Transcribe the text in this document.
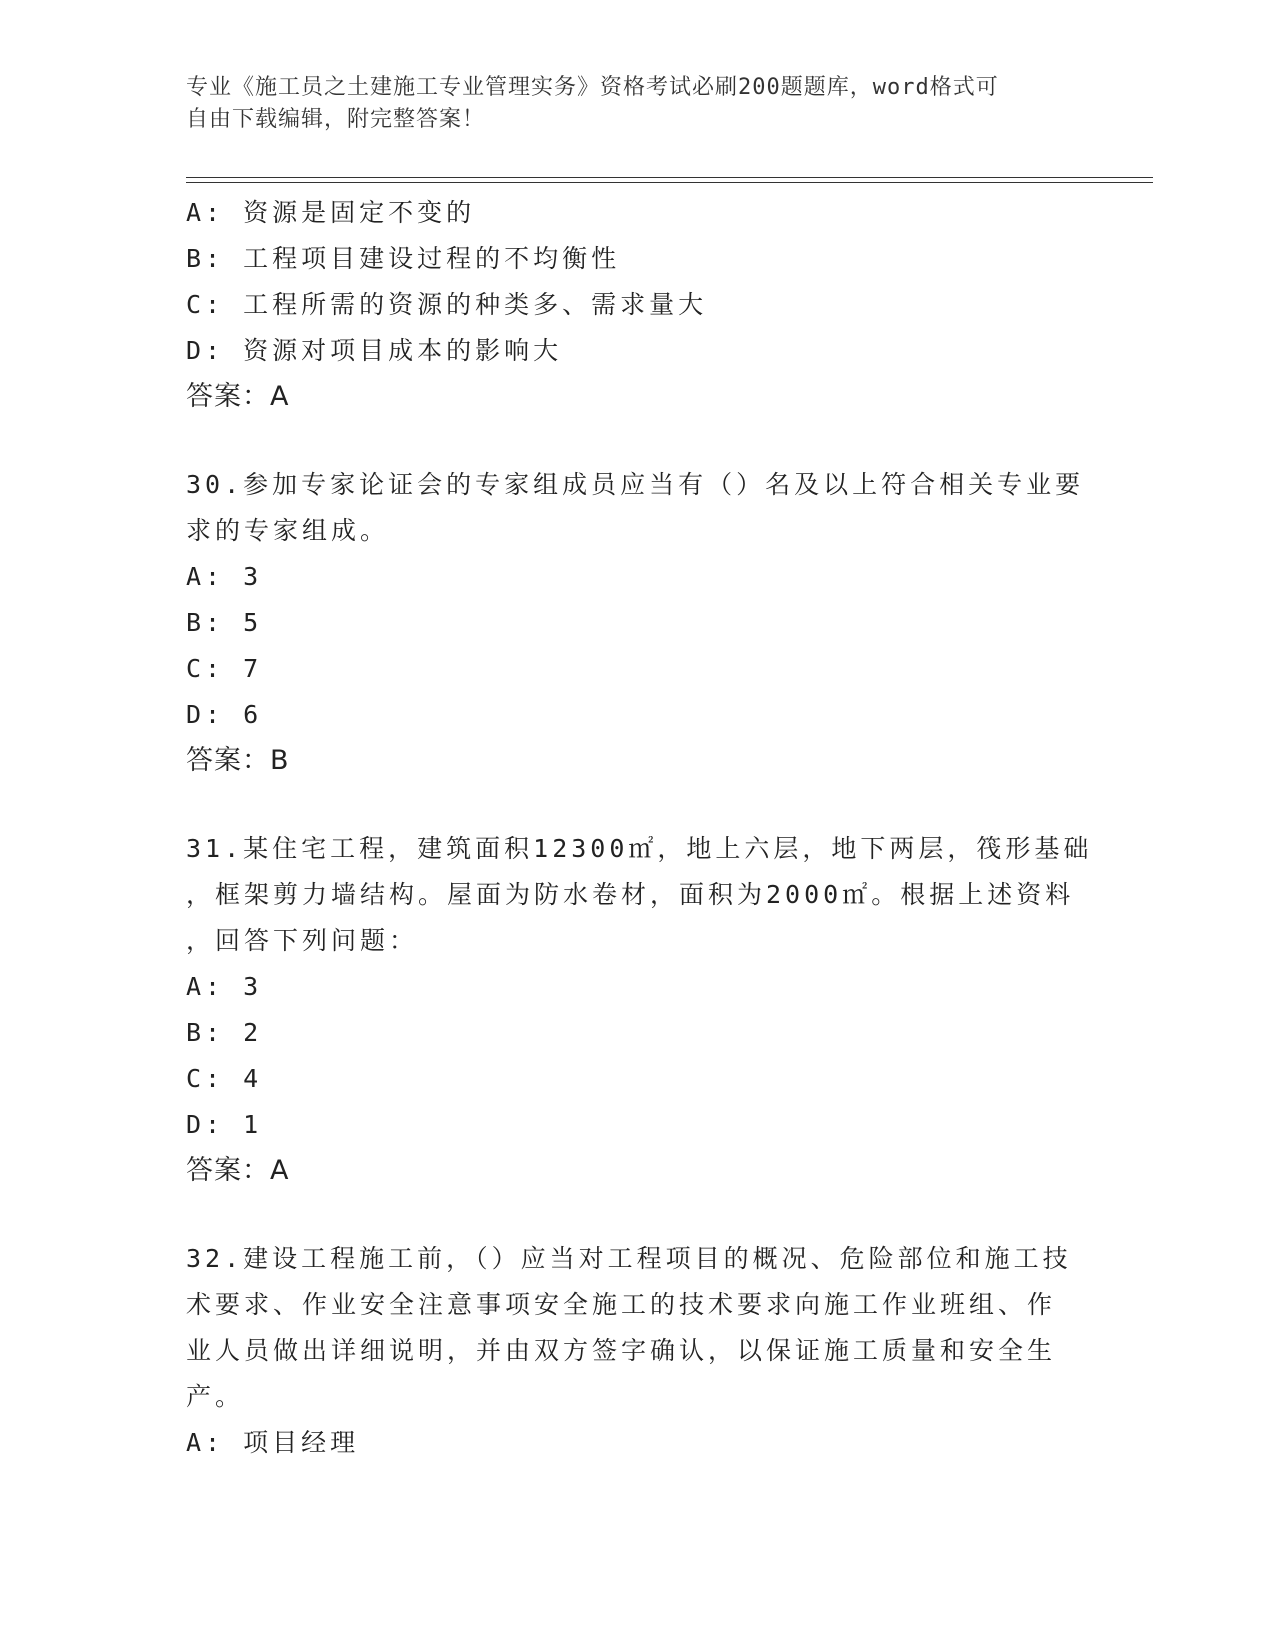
专业《施工员之土建施工专业管理实务》资格考试必刷200题题库，word格式可
自由下载编辑，附完整答案！
A: 资源是固定不变的
B: 工程项目建设过程的不均衡性
C: 工程所需的资源的种类多、需求量大
D: 资源对项目成本的影响大
答案：A
30.参加专家论证会的专家组成员应当有（）名及以上符合相关专业要
求的专家组成。
A: 3
B: 5
C: 7
D: 6
答案：B
31.某住宅工程，建筑面积12300㎡，地上六层，地下两层，筏形基础
，框架剪力墙结构。屋面为防水卷材，面积为2000㎡。根据上述资料
，回答下列问题：
A: 3
B: 2
C: 4
D: 1
答案：A
32.建设工程施工前，（）应当对工程项目的概况、危险部位和施工技
术要求、作业安全注意事项安全施工的技术要求向施工作业班组、作
业人员做出详细说明，并由双方签字确认，以保证施工质量和安全生
产。
A: 项目经理
